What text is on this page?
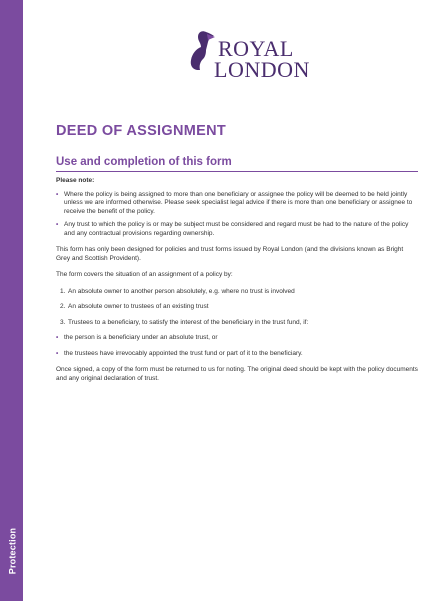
Protection
ROYAL
LONDON
DEED OF ASSIGNMENT
Use and completion of this form

Please note:

• Where the policy is being assigned to more than one beneficiary or assignee the policy will be deemed to be held jointly unless we are informed otherwise. Please seek specialist legal advice if there is more than one beneficiary or assignee to receive the benefit of the policy.
• Any trust to which the policy is or may be subject must be considered and regard must be had to the nature of the policy and any contractual provisions regarding ownership.

This form has only been designed for policies and trust forms issued by Royal London (and the divisions known as Bright Grey and Scottish Provident).

The form covers the situation of an assignment of a policy by:

1. An absolute owner to another person absolutely, e.g. where no trust is involved
2. An absolute owner to trustees of an existing trust
3. Trustees to a beneficiary, to satisfy the interest of the beneficiary in the trust fund, if:
• the person is a beneficiary under an absolute trust, or
• the trustees have irrevocably appointed the trust fund or part of it to the beneficiary.

Once signed, a copy of the form must be returned to us for noting. The original deed should be kept with the policy documents and any original declaration of trust.
